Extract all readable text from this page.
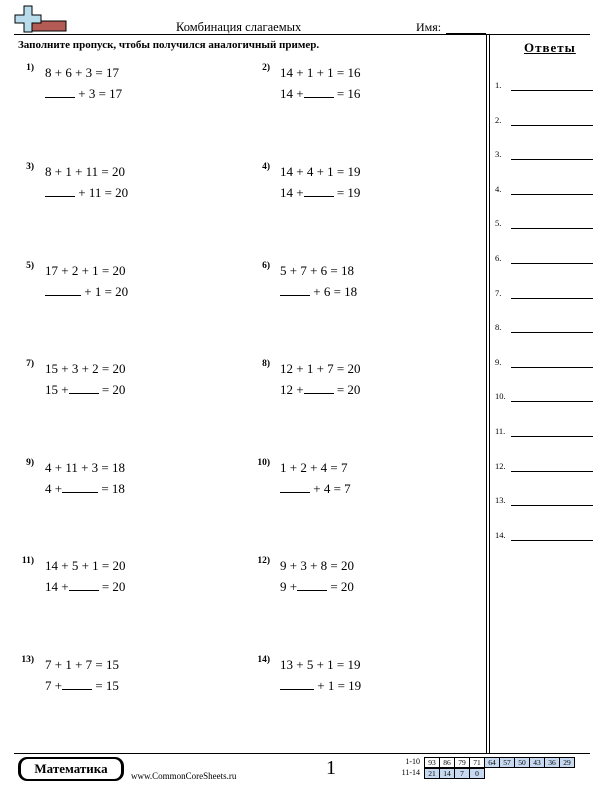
Комбинация слагаемых	Имя:
Заполните пропуск, чтобы получился аналогичный пример.	Ответы
1) 8 + 6 + 3 = 17
+ 3 = 17
2) 14 + 1 + 1 = 16
14 + = 16
3) 8 + 1 + 11 = 20
+ 11 = 20
4) 14 + 4 + 1 = 19
14 + = 19
5) 17 + 2 + 1 = 20
+ 1 = 20
6) 5 + 7 + 6 = 18
+ 6 = 18
7) 15 + 3 + 2 = 20
15 + = 20
8) 12 + 1 + 7 = 20
12 + = 20
9) 4 + 11 + 3 = 18
4 +	= 18
10) 1 + 2 + 4 = 7
+ 4 = 7
11) 14 + 5 + 1 = 20
14 + = 20
12) 9 + 3 + 8 = 20
9 + = 20
13) 7 + 1 + 7 = 15
7 + = 15
14) 13 + 5 + 1 = 19
+ 1 = 19
1.
2.
3.
4.
5.
6.
7.
8.
9.
10.
11.
12.
13.
14.
Математика	www.CommonCoreSheets.ru	1	1-10 93	86	79	71	64	57	50	43	36	29
11-14 21	14	7	0
